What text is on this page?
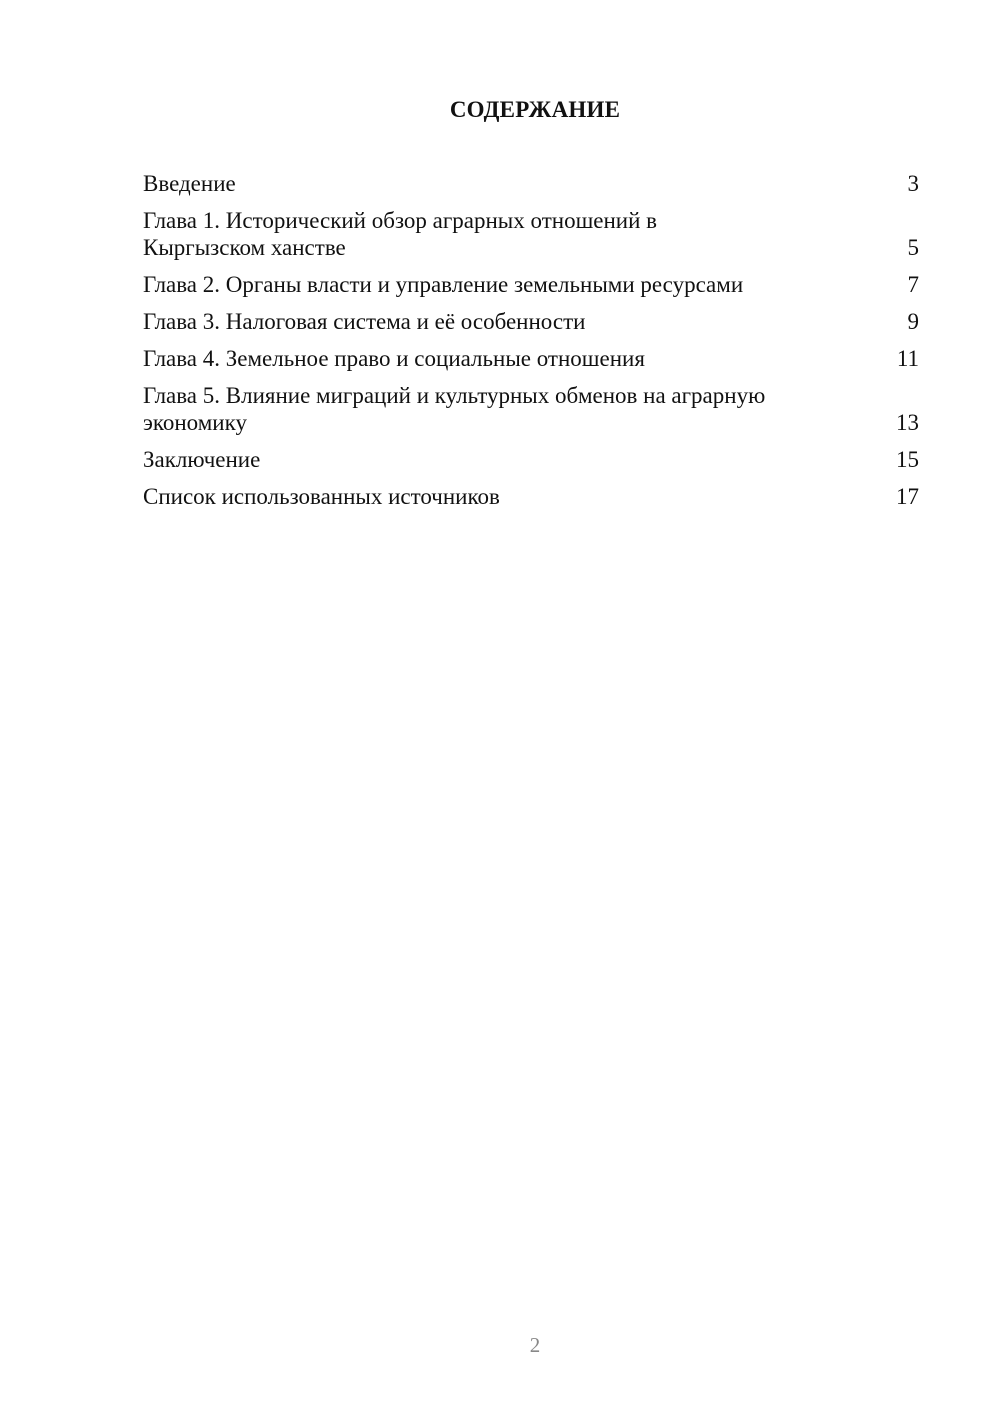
СОДЕРЖАНИЕ
Введение	3
Глава 1. Исторический обзор аграрных отношений в
Кыргызском ханстве	5
Глава 2. Органы власти и управление земельными ресурсами	7
Глава 3. Налоговая система и её особенности	9
Глава 4. Земельное право и социальные отношения	11
Глава 5. Влияние миграций и культурных обменов на аграрную
экономику	13
Заключение	15
Список использованных источников	17
2
